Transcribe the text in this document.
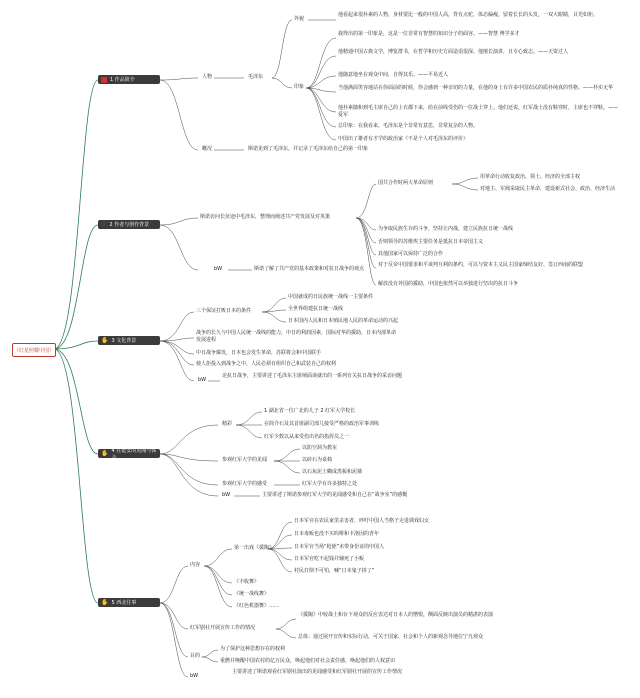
《红星照耀中国》
1 作品简介
♡ 2 作者与创作背景
✋ 3 文化背景
✋ 4 在延安的见闻与体会
✋ 5 西北往事
人物	毛泽东
外貌
他看起来很朴素的人物，身材要比一般的中国人高，背有点驼，体态偏瘦，留着长长的头发，一双大眼睛，目光如炬。
印象
我得出的第一印象是，这是一位非常有智慧的知识分子的面容。——智慧 博学多才
他精通中国古典文学，博览群书，在哲学和历史方面造诣很深。他擅长演讲，且专心致志。——天资过人
他随意地坐在观众中间，自得其乐。——平易近人
当他满面笑容地站在你面前的时候，你会感到一种亲切的力量，在他的身上有许多中国农民的质朴纯真的性格。——朴实无华
他朴素随和到毛主席自己的上衣都下来，给在前线受伤的一位战士穿上。他们还说，红军战士没有鞋穿时，主席也不穿鞋。——爱军
总印象：在我看来，毛泽东是个非常有意思，非常复杂的人物。
中国出了雄者有才学的政治家《不是个人对毛泽东的评价》
概况	斯诺见到了毛泽东，并记录了毛泽东给自己的第一印象
斯诺访问长征途中毛泽东，整理而阐述共产党发展及对英策
国共合作时两大革命原则
用革命行动收复政治、领土、经济的全部主权
对地主、军阀采取民主革命，建设新式社会、政治、经济生活
为争取民族生存的斗争，坚持让内战，建立民族抗日统一战线
否则领导的苏维埃主要任务是抵抗日本帝国主义
其他国家可以保持广泛的合作
对于反帝中国要求和平谈判互利的条约，可以与资本主义民主国家缔结友好、签订西南的联盟
解放没有外国的援助，中国也依然可以举独进行坚决的抗日斗争
bW	斯诺了解了共产党的基本政策和对抗日战争的观点
三个保证打败日本的条件
中国就成的日民族统一战线一主要条件
全世界组建抗日统一战线
日本国内人民和日本殖民地人民的革命运动的兴起
战争的长久与中国人民统一战线的能力，中日的利润因素，国际对华的援助，日本内部革命发展进程
中日战争爆发，日本也会发生革命，苏联将会和中国联手
使人拒投入到战争之中，人民必须有组织自己和武装自己的权利
bW
论抗日战争，主要讲述了毛泽东主席阐面谈就出的一系列有关抗日战争的采访问题
精彩
1 湖北省一位广北的儿子 2 红军大学校长
在简介石及其首席副司部儿接受严格的政治军事训练
红军少数以从来受伤出名的指挥员之一
参观红军大学的见闻
以防空洞为教室
以砖石为桌椅
以石灰泥土糊成黑板和泥墙
参观红军大学的感受	红军大学有许多独特之处
bW	主要讲述了斯诺参观红军大学的见闻感受和自己在“战争室”的感慨
内容
第一出戏《援陶》
日本军官在农民家里杀害者，呼吁中国人当格子走进调戏妇女
日本毒贩也没不买吗啡和卡洛因的青年
日本军官当场“枪毙”未带身份证的中国人
日本军官吃不起钱并辅死了小贩
村民打倒不可怕，喊“日本鬼子拼了”
《丰收舞》
《统一战线舞》
《红色机器舞》……
红军剧社开展宣传工作的情况
《援陶》中较战士和台下观众的反应表达对日本人的憎恨，侧面反映出演员的精湛的表演
总体：通过展开宣传和实际行动，可关于国家、社会和个人的新观念导地位宁凡观众
目的
为了保护这种思想存在的权利
重燃并唤醒中国农村的亿万民众，唤起他们对社会责任感，唤起他们的人权意识
bW
主要讲述了斯诺观看红军剧社演出的见闻感受和红军剧社开展的宣传工作情况
